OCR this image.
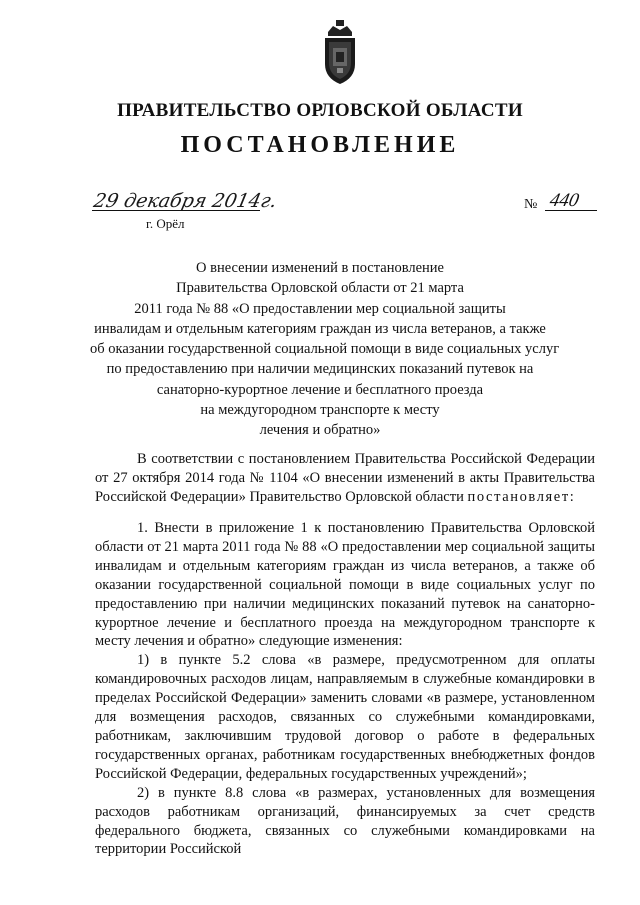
ПРАВИТЕЛЬСТВО ОРЛОВСКОЙ ОБЛАСТИ
ПОСТАНОВЛЕНИЕ
29 декабря 2014г.
г. Орёл
№ 440
О внесении изменений в постановление
Правительства Орловской области от 21 марта
2011 года № 88 «О предоставлении мер социальной защиты
инвалидам и отдельным категориям граждан из числа ветеранов, а также
об оказании государственной социальной помощи в виде социальных услуг
по предоставлению при наличии медицинских показаний путевок на
санаторно-курортное лечение и бесплатного проезда
на междугородном транспорте к месту
лечения и обратно»

В соответствии с постановлением Правительства Российской Федерации от 27 октября 2014 года № 1104 «О внесении изменений в акты Правительства Российской Федерации» Правительство Орловской области постановляет:

1. Внести в приложение 1 к постановлению Правительства Орловской области от 21 марта 2011 года № 88 «О предоставлении мер социальной защиты инвалидам и отдельным категориям граждан из числа ветеранов, а также об оказании государственной социальной помощи в виде социальных услуг по предоставлению при наличии медицинских показаний путевок на санаторно-курортное лечение и бесплатного проезда на междугородном транспорте к месту лечения и обратно» следующие изменения:

1) в пункте 5.2 слова «в размере, предусмотренном для оплаты командировочных расходов лицам, направляемым в служебные командировки в пределах Российской Федерации» заменить словами «в размере, установленном для возмещения расходов, связанных со служебными командировками, работникам, заключившим трудовой договор о работе в федеральных государственных органах, работникам государственных внебюджетных фондов Российской Федерации, федеральных государственных учреждений»;

2) в пункте 8.8 слова «в размерах, установленных для возмещения расходов работникам организаций, финансируемых за счет средств федерального бюджета, связанных со служебными командировками на территории Российской
